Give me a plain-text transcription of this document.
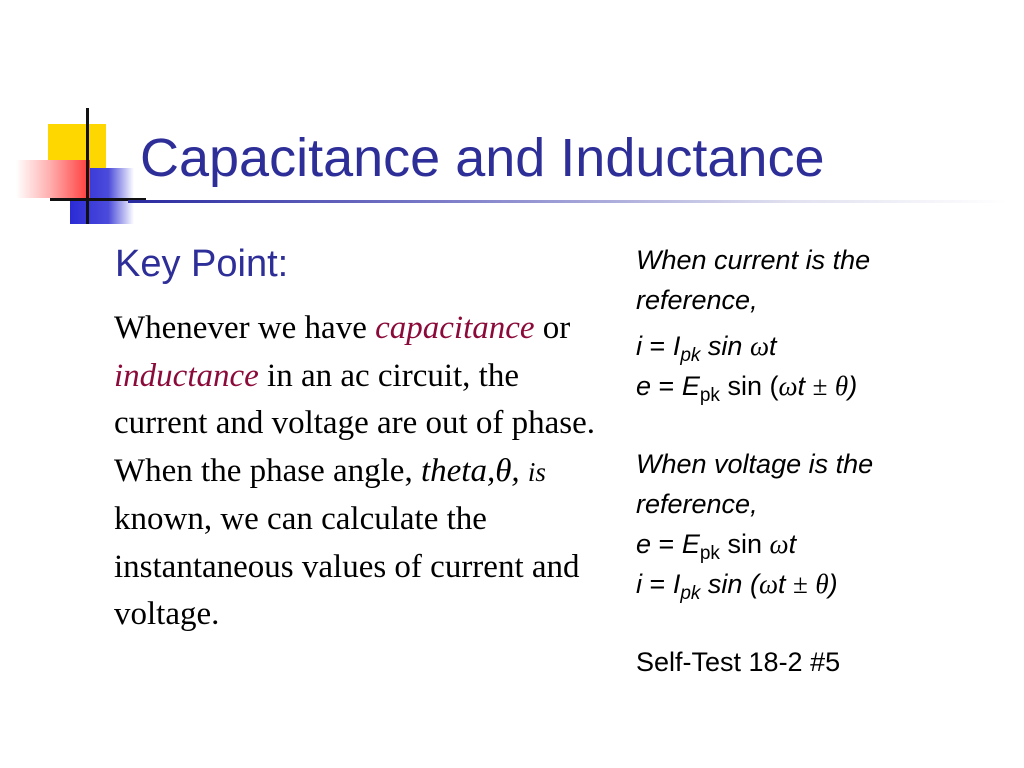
Capacitance and Inductance
Key Point:
Whenever we have capacitance or inductance in an ac circuit, the current and voltage are out of phase. When the phase angle, theta,θ, is known, we can calculate the instantaneous values of current and voltage.
When current is the
reference,
$i = I_{pk}$ sin ωt
$e = E_{pk}$ sin (ωt ± θ)
When voltage is the
reference,
$e = E_{pk}$ sin ωt
$i = I_{pk}$ sin (ωt ± θ)
Self-Test 18-2 #5
